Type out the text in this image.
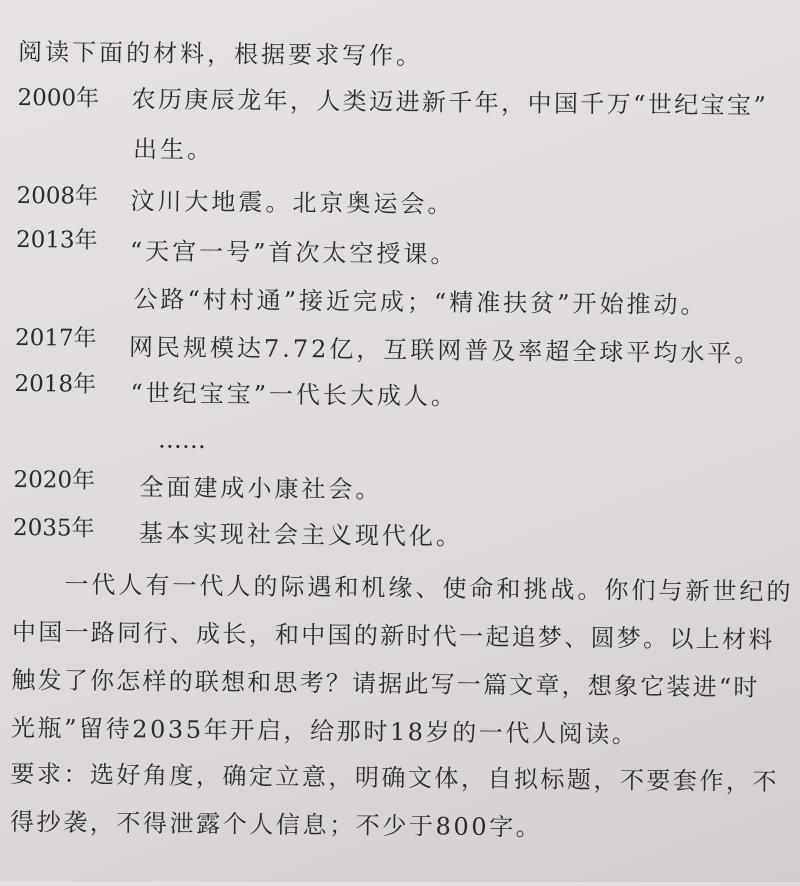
阅读下面的材料，根据要求写作。
2000年 农历庚辰龙年，人类迈进新千年，中国千万“世纪宝宝”
出生。
2008年 汶川大地震。北京奥运会。
2013年 “天宫一号”首次太空授课。
公路“村村通”接近完成；“精准扶贫”开始推动。
2017年 网民规模达7.72亿，互联网普及率超全球平均水平。
2018年 “世纪宝宝”一代长大成人。
……
2020年 全面建成小康社会。
2035年 基本实现社会主义现代化。
一代人有一代人的际遇和机缘、使命和挑战。你们与新世纪的
中国一路同行、成长，和中国的新时代一起追梦、圆梦。以上材料
触发了你怎样的联想和思考？请据此写一篇文章，想象它装进“时
光瓶”留待2035年开启，给那时18岁的一代人阅读。
要求：选好角度，确定立意，明确文体，自拟标题，不要套作，不
得抄袭，不得泄露个人信息；不少于800字。
